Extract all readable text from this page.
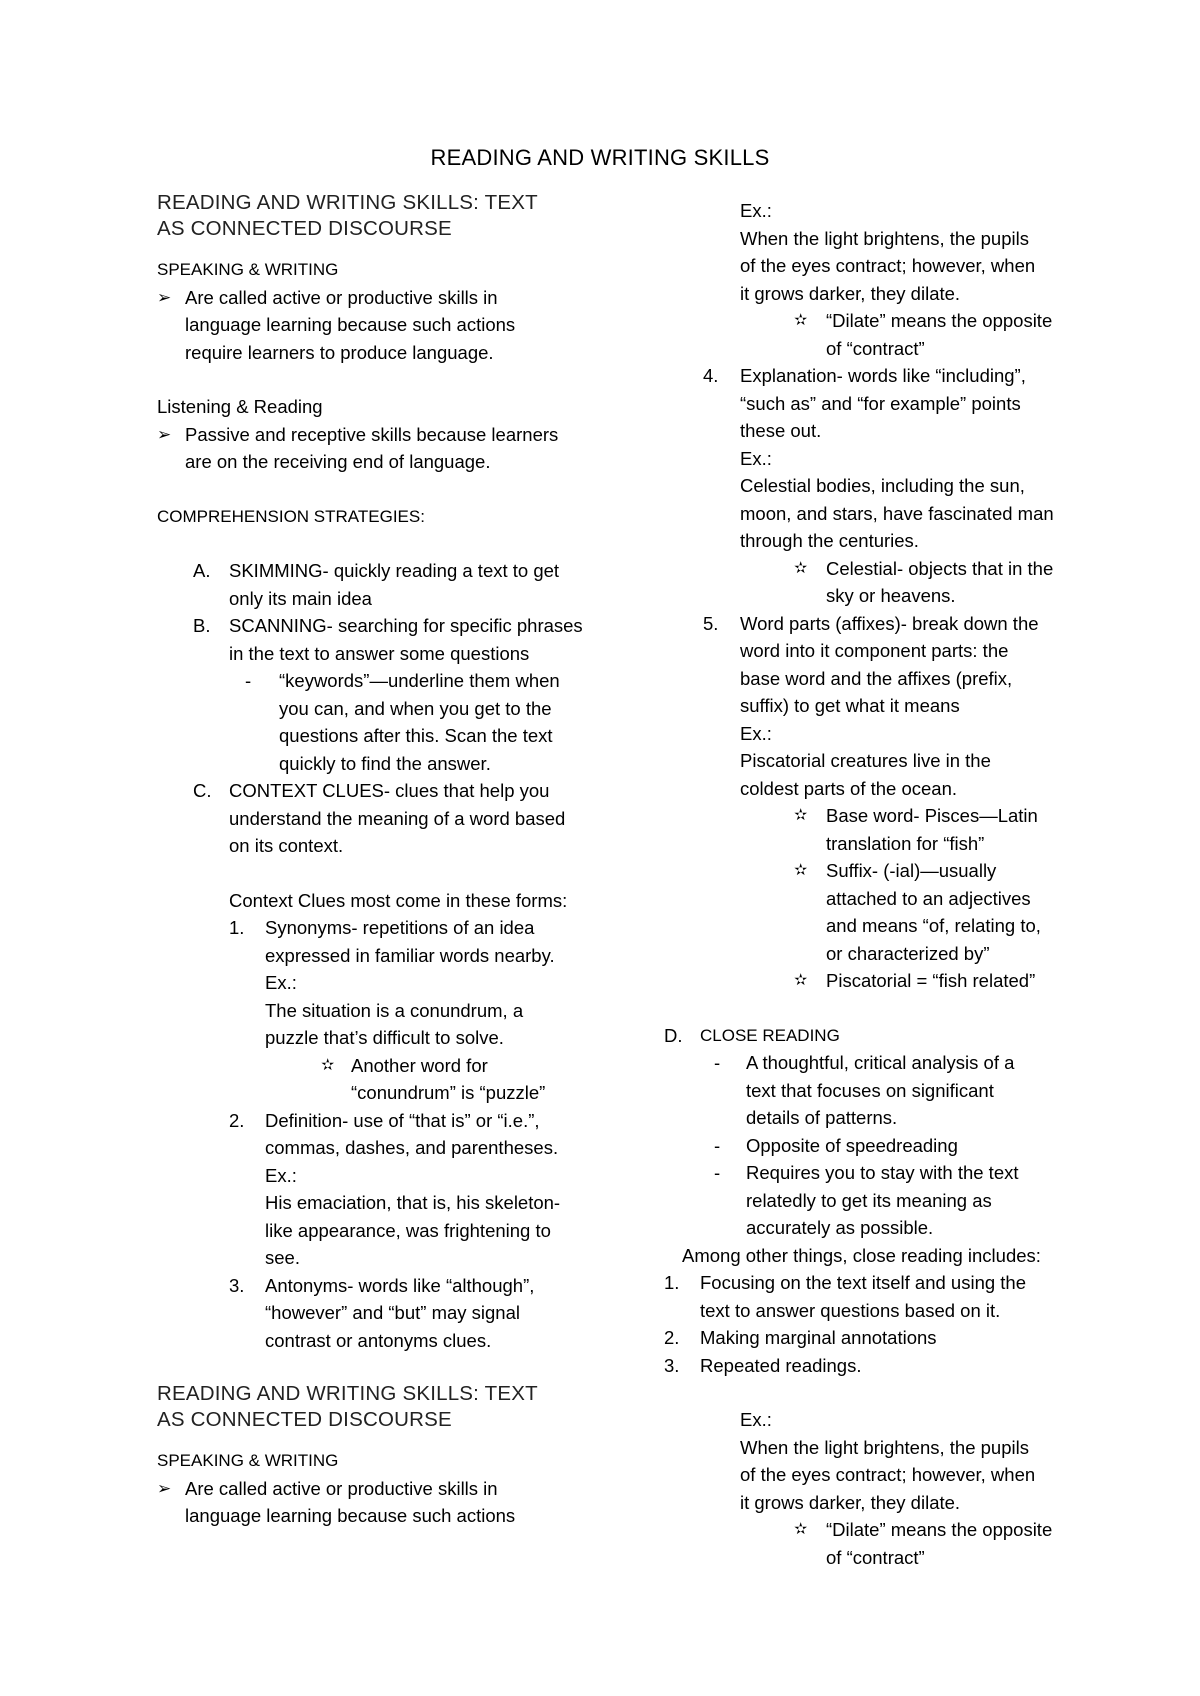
READING AND WRITING SKILLS
READING AND WRITING SKILLS: TEXT
AS CONNECTED DISCOURSE
SPEAKING & WRITING
➢ Are called active or productive skills in
language learning because such actions
require learners to produce language.
Listening & Reading
➢ Passive and receptive skills because learners
are on the receiving end of language.
COMPREHENSION STRATEGIES:
A.	SKIMMING- quickly reading a text to get
only its main idea
B.	SCANNING- searching for specific phrases
in the text to answer some questions
-	“keywords”—underline them when
you can, and when you get to the
questions after this. Scan the text
quickly to find the answer.
C. CONTEXT CLUES- clues that help you
understand the meaning of a word based
on its context.
Context Clues most come in these forms:
1.	Synonyms- repetitions of an idea
expressed in familiar words nearby.
Ex.:
The situation is a conundrum, a
puzzle that’s difficult to solve.
✫ Another word for
“conundrum” is “puzzle”
2.	Definition- use of “that is” or “i.e.”,
commas, dashes, and parentheses.
Ex.:
His emaciation, that is, his skeleton-
like appearance, was frightening to
see.
3.	Antonyms- words like “although”,
“however” and “but” may signal
contrast or antonyms clues.
READING AND WRITING SKILLS: TEXT
AS CONNECTED DISCOURSE
SPEAKING & WRITING
➢ Are called active or productive skills in
language learning because such actions
Ex.:
When the light brightens, the pupils
of the eyes contract; however, when
it grows darker, they dilate.
✫	“Dilate” means the opposite
of “contract”
4.	Explanation- words like “including”,
“such as” and “for example” points
these out.
Ex.:
Celestial bodies, including the sun,
moon, and stars, have fascinated man
through the centuries.
✫	Celestial- objects that in the
sky or heavens.
5.	Word parts (affixes)- break down the
word into it component parts: the
base word and the affixes (prefix,
suffix) to get what it means
Ex.:
Piscatorial creatures live in the
coldest parts of the ocean.
✫	Base word- Pisces—Latin
translation for “fish”
✫	Suffix- (-ial)—usually
attached to an adjectives
and means “of, relating to,
or characterized by”
✫	Piscatorial = “fish related”
D.	CLOSE READING
-	A thoughtful, critical analysis of a
text that focuses on significant
details of patterns.
-	Opposite of speedreading
-	Requires you to stay with the text
relatedly to get its meaning as
accurately as possible.
Among other things, close reading includes:
1.	Focusing on the text itself and using the
text to answer questions based on it.
2.	Making marginal annotations
3.	Repeated readings.
Ex.:
When the light brightens, the pupils
of the eyes contract; however, when
it grows darker, they dilate.
✫	“Dilate” means the opposite
of “contract”
